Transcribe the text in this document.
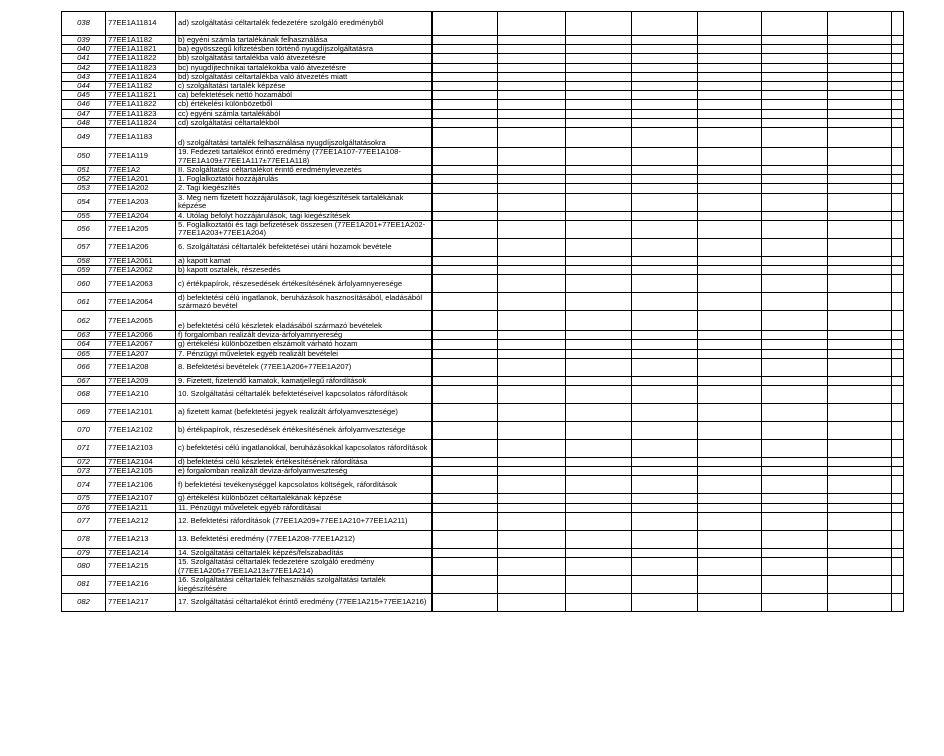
038	77EE1A11814	ad) szolgáltatási céltartalék fedezetére szolgáló eredményből								
039	77EE1A1182	b) egyéni számla tartalékának felhasználása								
040	77EE1A11821	ba) egyösszegű kifizetésben történő nyugdíjszolgáltatásra								
041	77EE1A11822	bb) szolgáltatási tartalékba való átvezetésre								
042	77EE1A11823	bc) nyugdíjtechnikai tartalékokba való átvezetésre								
043	77EE1A11824	bd) szolgáltatási céltartalékba való átvezetés miatt								
044	77EE1A1182	c) szolgáltatási tartalék képzése								
045	77EE1A11821	ca) befektetések nettó hozamából								
046	77EE1A11822	cb) értékelési különbözetből								
047	77EE1A11823	cc) egyéni számla tartalékából								
048	77EE1A11824	cd) szolgáltatási céltartalékból								
049	77EE1A1183	d) szolgáltatási tartalék felhasználása nyugdíjszolgáltatásokra								
050	77EE1A119	19. Fedezeti tartalékot érintő eredmény (77EE1A107-77EE1A108-77EE1A109±77EE1A117±77EE1A118)								
051	77EE1A2	II. Szolgáltatási céltartalékot érintő eredménylevezetés								
052	77EE1A201	1. Foglalkoztatói hozzájárulás								
053	77EE1A202	2. Tagi kiegészítés								
054	77EE1A203	3. Meg nem fizetett hozzájárulások, tagi kiegészítések tartalékának képzése								
055	77EE1A204	4. Utólag befolyt hozzájárulások, tagi kiegészítések								
056	77EE1A205	5. Foglalkoztatói és tagi befizetések összesen (77EE1A201+77EE1A202-77EE1A203+77EE1A204)								
057	77EE1A206	6. Szolgáltatási céltartalék befektetései utáni hozamok bevétele								
058	77EE1A2061	a) kapott kamat								
059	77EE1A2062	b) kapott osztalék, részesedés								
060	77EE1A2063	c) értékpapírok, részesedések értékesítésének árfolyamnyeresége								
061	77EE1A2064	d) befektetési célú ingatlanok, beruházások hasznosításából, eladásából származó bevétel								
062	77EE1A2065	e) befektetési célú készletek eladásából származó bevételek								
063	77EE1A2066	f) forgalomban realizált deviza-árfolyamnyereség								
064	77EE1A2067	g) értékelési különbözetben elszámolt várható hozam								
065	77EE1A207	7. Pénzügyi műveletek egyéb realizált bevételei								
066	77EE1A208	8. Befektetési bevételek (77EE1A206+77EE1A207)								
067	77EE1A209	9. Fizetett, fizetendő kamatok, kamatjellegű ráfordítások								
068	77EE1A210	10. Szolgáltatási céltartalék befektetéseivel kapcsolatos ráfordítások								
069	77EE1A2101	a) fizetett kamat (befektetési jegyek realizált árfolyamvesztesége)								
070	77EE1A2102	b) értékpapírok, részesedések értékesítésének árfolyamvesztesége								
071	77EE1A2103	c) befektetési célú ingatlanokkal, beruházásokkal kapcsolatos ráfordítások								
072	77EE1A2104	d) befektetési célú készletek értékesítésének ráfordítása								
073	77EE1A2105	e) forgalomban realizált deviza-árfolyamveszteség								
074	77EE1A2106	f) befektetési tevékenységgel kapcsolatos költségek, ráfordítások								
075	77EE1A2107	g) értékelési különbözet céltartalékának képzése								
076	77EE1A211	11. Pénzügyi műveletek egyéb ráfordításai								
077	77EE1A212	12. Befektetési ráfordítások (77EE1A209+77EE1A210+77EE1A211)								
078	77EE1A213	13. Befektetési eredmény (77EE1A208-77EE1A212)								
079	77EE1A214	14. Szolgáltatási céltartalék képzés/felszabadítás								
080	77EE1A215	15. Szolgáltatási céltartalék fedezetére szolgáló eredmény (77EE1A205±77EE1A213±77EE1A214)								
081	77EE1A216	16. Szolgáltatási céltartalék felhasználás szolgáltatási tartalék kiegészítésére								
082	77EE1A217	17. Szolgáltatási céltartalékot érintő eredmény (77EE1A215+77EE1A216)								
